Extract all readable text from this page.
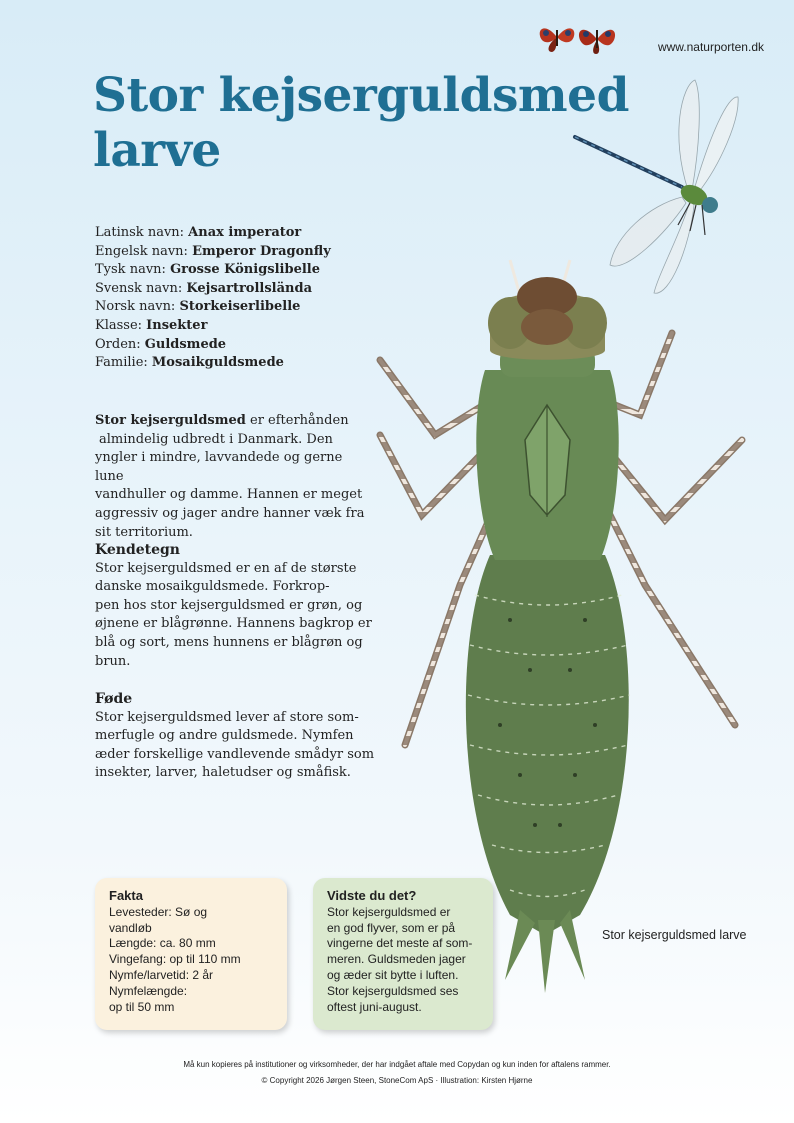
www.naturporten.dk
Stor kejserguldsmed
larve
Latinsk navn: Anax imperator
Engelsk navn: Emperor Dragonfly
Tysk navn: Grosse Königslibelle
Svensk navn: Kejsartrollslända
Norsk navn: Storkeiserlibelle
Klasse: Insekter
Orden: Guldsmede
Familie: Mosaikguldsmede

Stor kejserguldsmed er efterhånden

almindelig udbredt i Danmark. Den

yngler i mindre, lavvandede og gerne lune

vandhuller og damme. Hannen er meget

aggressiv og jager andre hanner væk fra

sit territorium.

Kendetegn

Stor kejserguldsmed er en af de største

danske mosaikguldsmede. Forkrop-

pen hos stor kejserguldsmed er grøn, og

øjnene er blågrønne. Hannens bagkrop er

blå og sort, mens hunnens er blågrøn og

brun.

Føde

Stor kejserguldsmed lever af store som-

merfugle og andre guldsmede. Nymfen

æder forskellige vandlevende smådyr som

insekter, larver, haletudser og småfisk.

Stor kejserguldsmed larve
Fakta

Levesteder: Sø og

vandløb

Længde: ca. 80 mm

Vingefang: op til 110 mm

Nymfe/larvetid: 2 år

Nymfelængde:

op til 50 mm

Vidste du det?

Stor kejserguldsmed er

en god flyver, som er på

vingerne det meste af som-

meren. Guldsmeden jager

og æder sit bytte i luften.

Stor kejserguldsmed ses

oftest juni-august.

Må kun kopieres på institutioner og virksomheder, der har indgået aftale med Copydan og kun inden for aftalens rammer.
© Copyright 2026 Jørgen Steen, StoneCom ApS · Illustration: Kirsten Hjørne
